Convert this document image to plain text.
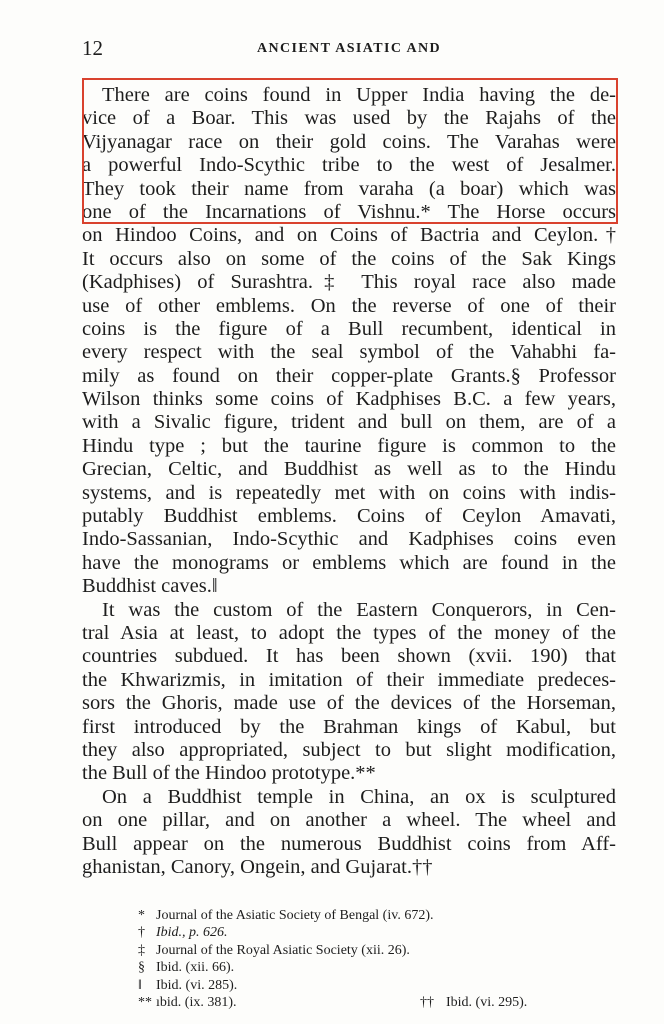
12	ANCIENT ASIATIC AND
There are coins found in Upper India having the de-
vice of a Boar. This was used by the Rajahs of the
Vijyanagar race on their gold coins. The Varahas were
a powerful Indo-Scythic tribe to the west of Jesalmer.
They took their name from varaha (a boar) which was
one of the Incarnations of Vishnu.* The Horse occurs
on Hindoo Coins, and on Coins of Bactria and Ceylon.†
It occurs also on some of the coins of the Sak Kings
(Kadphises) of Surashtra.‡ This royal race also made
use of other emblems. On the reverse of one of their
coins is the figure of a Bull recumbent, identical in
every respect with the seal symbol of the Vahabhi fa-
mily as found on their copper-plate Grants.§ Professor
Wilson thinks some coins of Kadphises B.C. a few years,
with a Sivalic figure, trident and bull on them, are of a
Hindu type ; but the taurine figure is common to the
Grecian, Celtic, and Buddhist as well as to the Hindu
systems, and is repeatedly met with on coins with indis-
putably Buddhist emblems. Coins of Ceylon Amavati,
Indo-Sassanian, Indo-Scythic and Kadphises coins even
have the monograms or emblems which are found in the
Buddhist caves.‖
It was the custom of the Eastern Conquerors, in Cen-
tral Asia at least, to adopt the types of the money of the
countries subdued. It has been shown (xvii. 190) that
the Khwarizmis, in imitation of their immediate predeces-
sors the Ghoris, made use of the devices of the Horseman,
first introduced by the Brahman kings of Kabul, but
they also appropriated, subject to but slight modification,
the Bull of the Hindoo prototype.**
On a Buddhist temple in China, an ox is sculptured
on one pillar, and on another a wheel. The wheel and
Bull appear on the numerous Buddhist coins from Aff-
ghanistan, Canory, Ongein, and Gujarat.††
* Journal of the Asiatic Society of Bengal (iv. 672).
† Ibid., p. 626.
‡ Journal of the Royal Asiatic Society (xii. 26).
§ Ibid. (xii. 66).
‖ Ibid. (vi. 285).
** ıbid. (ix. 381).	†† Ibid. (vi. 295).
